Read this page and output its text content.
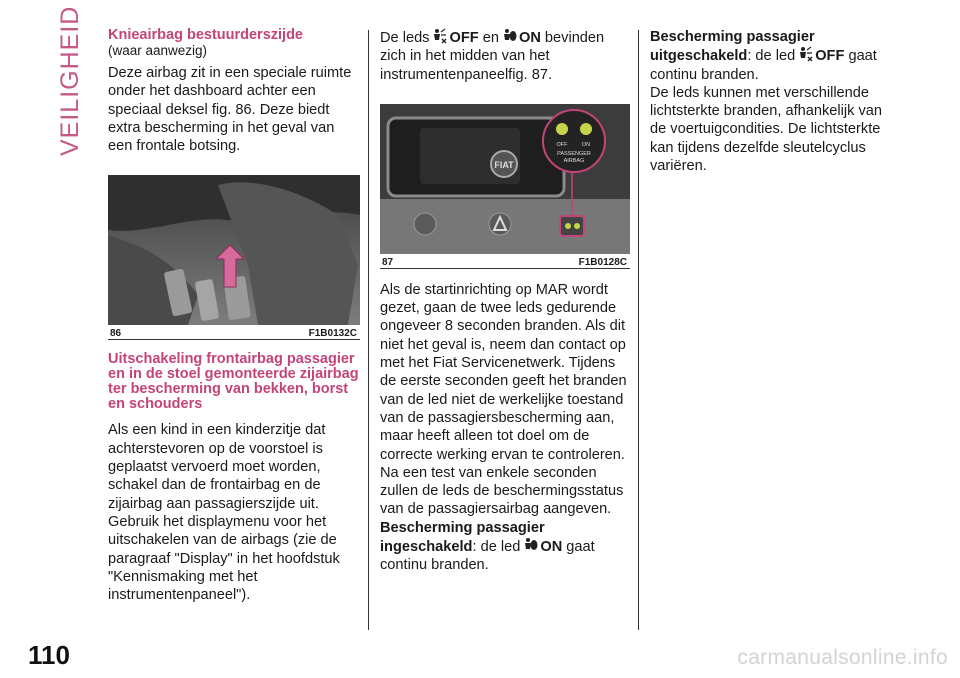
VEILIGHEID Knieairbag bestuurderszijde
(waar aanwezig)

Deze airbag zit in een speciale ruimte onder het dashboard achter een speciaal deksel fig. 86. Deze biedt extra bescherming in het geval van een frontale botsing.

86	F1B0132C
Uitschakeling frontairbag passagier en in de stoel gemonteerde zijairbag ter bescherming van bekken, borst en schouders

Als een kind in een kinderzitje dat achterstevoren op de voorstoel is geplaatst vervoerd moet worden, schakel dan de frontairbag en de zijairbag aan passagierszijde uit. Gebruik het displaymenu voor het uitschakelen van de airbags (zie de paragraaf "Display" in het hoofdstuk "Kennismaking met het instrumentenpaneel").

De leds OFF en ON bevinden zich in het midden van het instrumentenpaneelfig. 87.

FIAT
OFF	ON
PASSENGER
AIRBAG
87	F1B0128C

Als de startinrichting op MAR wordt gezet, gaan de twee leds gedurende ongeveer 8 seconden branden. Als dit niet het geval is, neem dan contact op met het Fiat Servicenetwerk. Tijdens de eerste seconden geeft het branden van de led niet de werkelijke toestand van de passagiersbescherming aan, maar heeft alleen tot doel om de correcte werking ervan te controleren. Na een test van enkele seconden zullen de leds de beschermingsstatus van de passagiersairbag aangeven.

Bescherming passagier ingeschakeld: de led ON gaat continu branden.

Bescherming passagier uitgeschakeld: de led OFF gaat continu branden.

De leds kunnen met verschillende lichtsterkte branden, afhankelijk van de voertuigcondities. De lichtsterkte kan tijdens dezelfde sleutelcyclus variëren.

110	carmanualsonline.info
